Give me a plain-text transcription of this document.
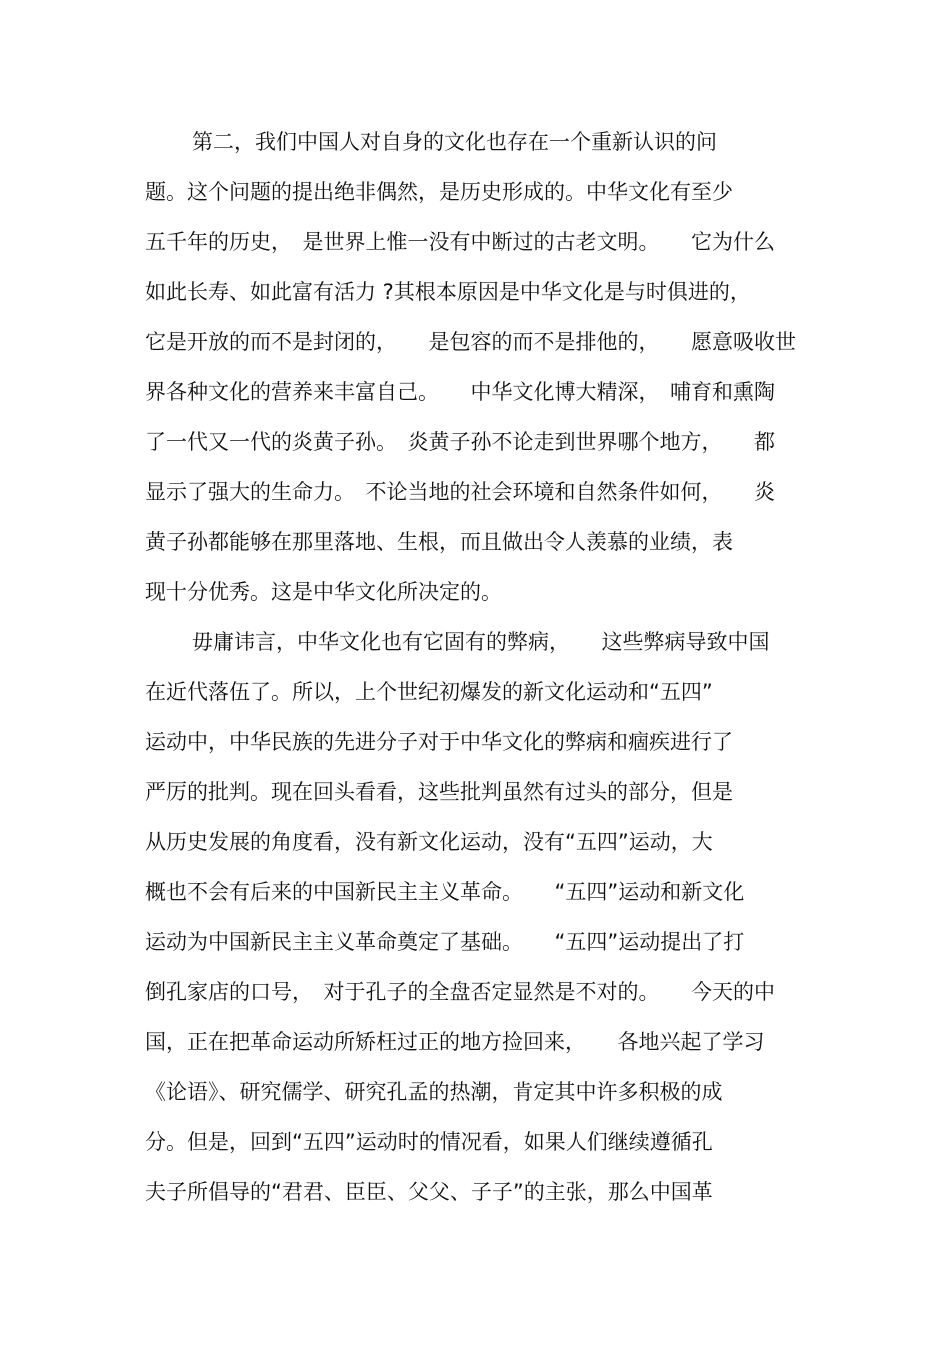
第二，我们中国人对自身的文化也存在一个重新认识的问
题。这个问题的提出绝非偶然，是历史形成的。中华文化有至少
五千年的历史，　是世界上惟一没有中断过的古老文明。　　它为什么
如此长寿、如此富有活力 ?其根本原因是中华文化是与时俱进的，
它是开放的而不是封闭的，　　是包容的而不是排他的，　　愿意吸收世
界各种文化的营养来丰富自己。　　中华文化博大精深，　哺育和熏陶
了一代又一代的炎黄子孙。　炎黄子孙不论走到世界哪个地方，　　都
显示了强大的生命力。　不论当地的社会环境和自然条件如何，　　炎
黄子孙都能够在那里落地、生根，而且做出令人羡慕的业绩，表
现十分优秀。这是中华文化所决定的。
毋庸讳言，中华文化也有它固有的弊病，　　这些弊病导致中国
在近代落伍了。所以，上个世纪初爆发的新文化运动和“五四”
运动中，中华民族的先进分子对于中华文化的弊病和痼疾进行了
严厉的批判。现在回头看看，这些批判虽然有过头的部分，但是
从历史发展的角度看，没有新文化运动，没有“五四”运动，大
概也不会有后来的中国新民主主义革命。　　“五四”运动和新文化
运动为中国新民主主义革命奠定了基础。　　“五四”运动提出了打
倒孔家店的口号，　对于孔子的全盘否定显然是不对的。　　今天的中
国，正在把革命运动所矫枉过正的地方捡回来，　　各地兴起了学习
《论语》、研究儒学、研究孔孟的热潮，肯定其中许多积极的成
分。但是，回到“五四”运动时的情况看，如果人们继续遵循孔
夫子所倡导的“君君、臣臣、父父、子子”的主张，那么中国革
